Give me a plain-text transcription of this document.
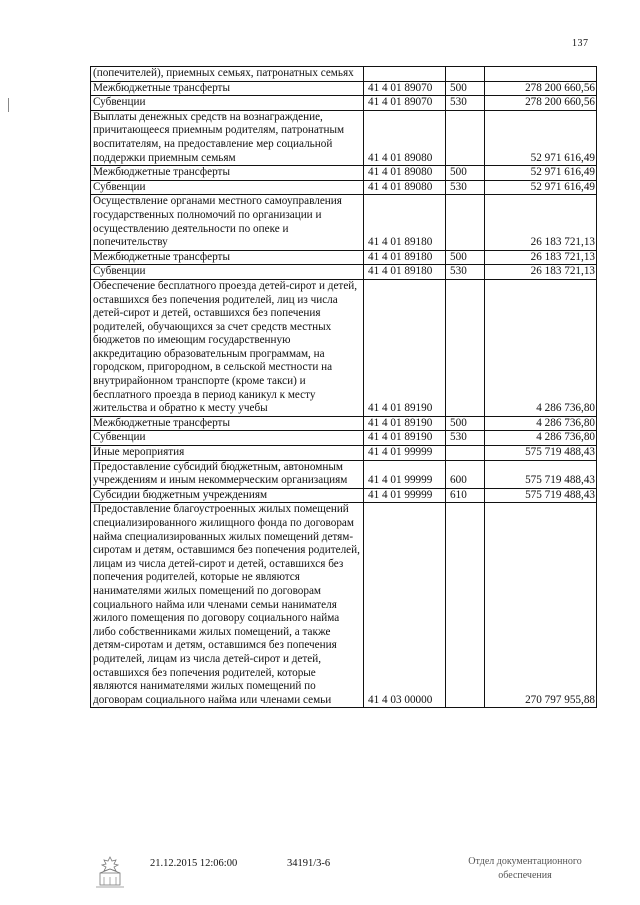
137
(попечителей), приемных семьях, патронатных семьях			
Межбюджетные трансферты	41 4 01 89070	500	278 200 660,56
Субвенции	41 4 01 89070	530	278 200 660,56
Выплаты денежных средств на вознаграждение, причитающееся приемным родителям, патронатным воспитателям, на предоставление мер социальной поддержки приемным семьям	41 4 01 89080		52 971 616,49
Межбюджетные трансферты	41 4 01 89080	500	52 971 616,49
Субвенции	41 4 01 89080	530	52 971 616,49
Осуществление органами местного самоуправления государственных полномочий по организации и осуществлению деятельности по опеке и попечительству	41 4 01 89180		26 183 721,13
Межбюджетные трансферты	41 4 01 89180	500	26 183 721,13
Субвенции	41 4 01 89180	530	26 183 721,13
Обеспечение бесплатного проезда детей-сирот и детей, оставшихся без попечения родителей, лиц из числа детей-сирот и детей, оставшихся без попечения родителей, обучающихся за счет средств местных бюджетов по имеющим государственную аккредитацию образовательным программам, на городском, пригородном, в сельской местности на внутрирайонном транспорте (кроме такси) и бесплатного проезда в период каникул к месту жительства и обратно к месту учебы	41 4 01 89190		4 286 736,80
Межбюджетные трансферты	41 4 01 89190	500	4 286 736,80
Субвенции	41 4 01 89190	530	4 286 736,80
Иные мероприятия	41 4 01 99999		575 719 488,43
Предоставление субсидий бюджетным, автономным учреждениям и иным некоммерческим организациям	41 4 01 99999	600	575 719 488,43
Субсидии бюджетным учреждениям	41 4 01 99999	610	575 719 488,43
Предоставление благоустроенных жилых помещений специализированного жилищного фонда по договорам найма специализированных жилых помещений детям-сиротам и детям, оставшимся без попечения родителей, лицам из числа детей-сирот и детей, оставшихся без попечения родителей, которые не являются нанимателями жилых помещений по договорам социального найма или членами семьи нанимателя жилого помещения по договору социального найма либо собственниками жилых помещений, а также детям-сиротам и детям, оставшимся без попечения родителей, лицам из числа детей-сирот и детей, оставшихся без попечения родителей, которые являются нанимателями жилых помещений по договорам социального найма или членами семьи	41 4 03 00000		270 797 955,88
21.12.2015 12:06:00	34191/3-6	Отдел документационного
обеспечения
